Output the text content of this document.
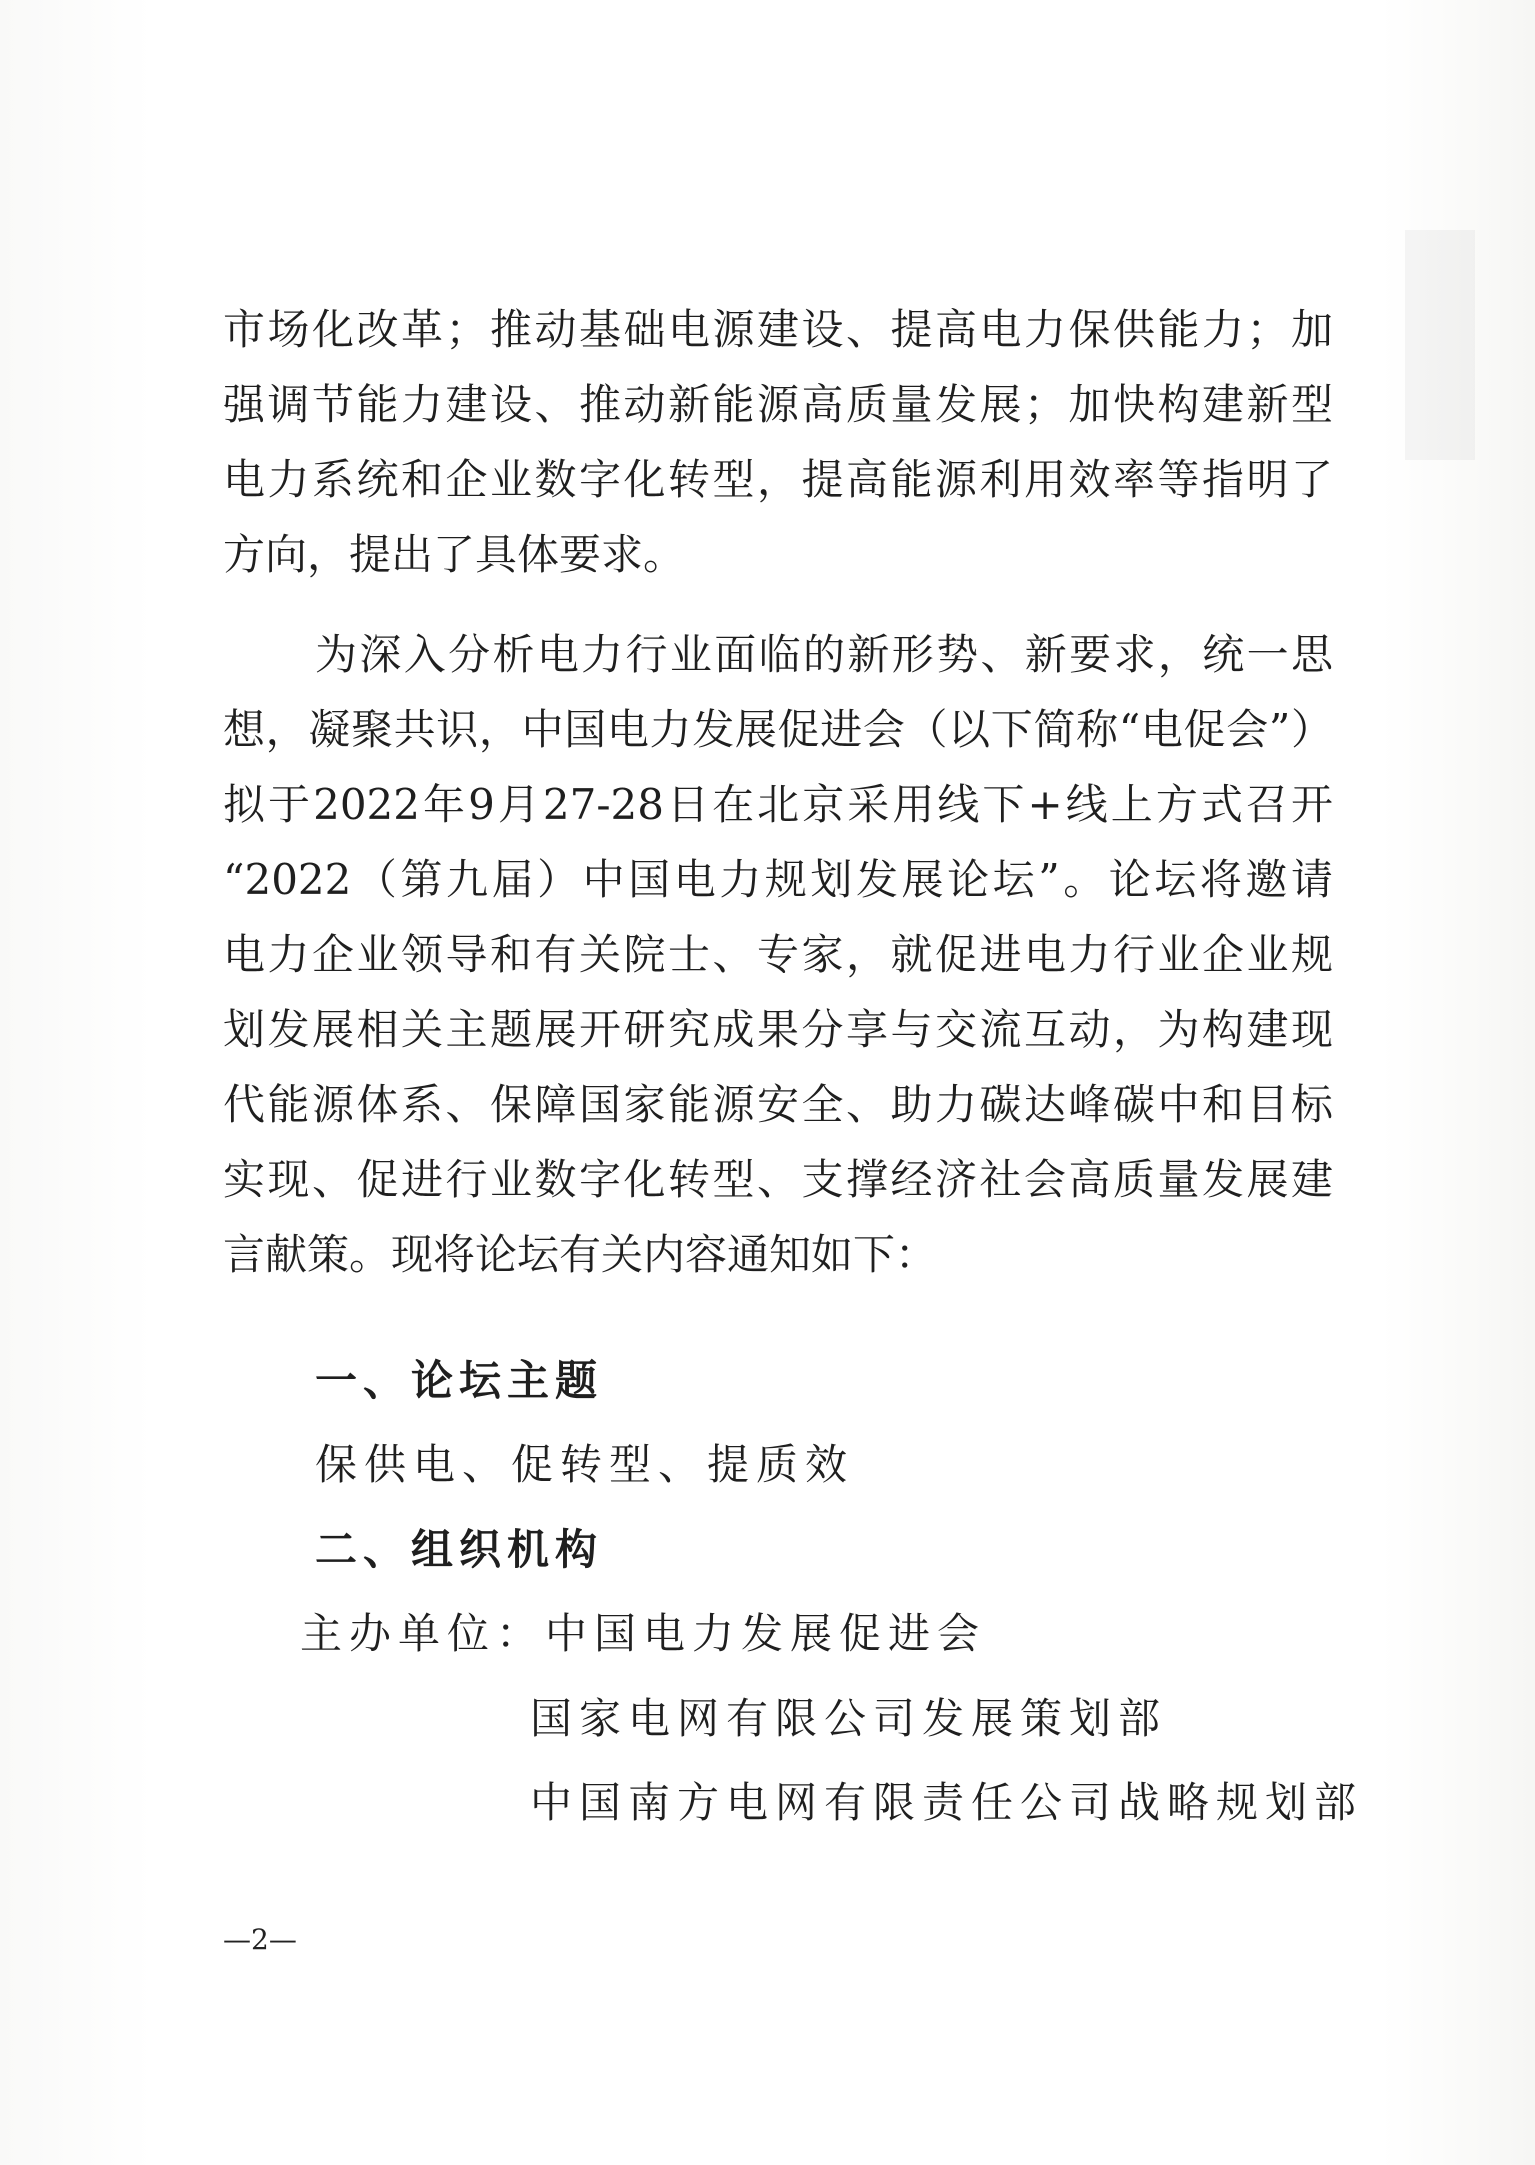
市场化改革；推动基础电源建设、提高电力保供能力；加
强调节能力建设、推动新能源高质量发展；加快构建新型
电力系统和企业数字化转型，提高能源利用效率等指明了
方向，提出了具体要求。
为深入分析电力行业面临的新形势、新要求，统一思
想，凝聚共识，中国电力发展促进会（以下简称“电促会”）
拟于2022年9月27-28日在北京采用线下+线上方式召开
“2022（第九届）中国电力规划发展论坛”。论坛将邀请
电力企业领导和有关院士、专家，就促进电力行业企业规
划发展相关主题展开研究成果分享与交流互动，为构建现
代能源体系、保障国家能源安全、助力碳达峰碳中和目标
实现、促进行业数字化转型、支撑经济社会高质量发展建
言献策。现将论坛有关内容通知如下：
一、论坛主题
保供电、促转型、提质效
二、组织机构
主办单位：中国电力发展促进会
国家电网有限公司发展策划部
中国南方电网有限责任公司战略规划部
—2—
